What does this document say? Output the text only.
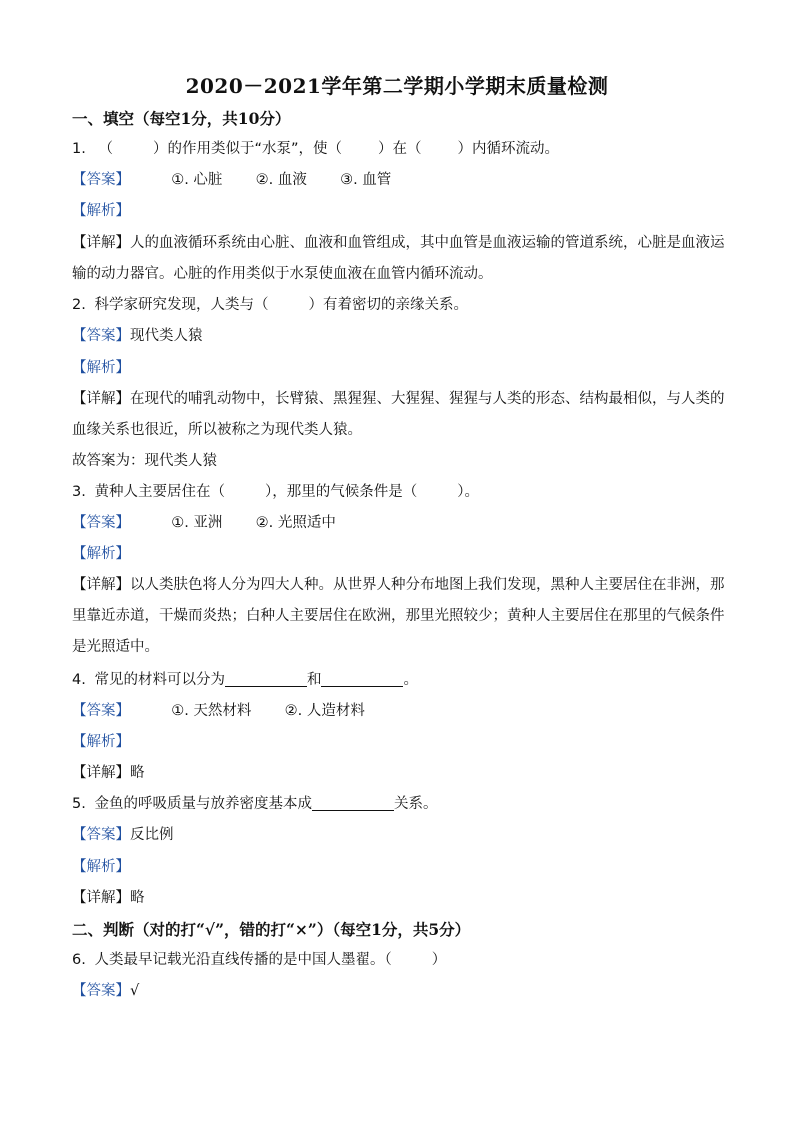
2020－2021学年第二学期小学期末质量检测
一、填空（每空1分，共10分）
1. （	）的作用类似于“水泵”，使（ ）在（ ）内循环流动。
【答案】	①. 心脏 ②. 血液 ③. 血管
【解析】
【详解】人的血液循环系统由心脏、血液和血管组成，其中血管是血液运输的管道系统，心脏是血液运输的动力器官。心脏的作用类似于水泵使血液在血管内循环流动。
2. 科学家研究发现，人类与（	）有着密切的亲缘关系。
【答案】现代类人猿
【解析】
【详解】在现代的哺乳动物中，长臂猿、黑猩猩、大猩猩、猩猩与人类的形态、结构最相似，与人类的血缘关系也很近，所以被称之为现代类人猿。
故答案为：现代类人猿
3. 黄种人主要居住在（	），那里的气候条件是（	）。
【答案】	①. 亚洲 ②. 光照适中
【解析】
【详解】以人类肤色将人分为四大人种。从世界人种分布地图上我们发现，黑种人主要居住在非洲，那里靠近赤道，干燥而炎热；白种人主要居住在欧洲，那里光照较少；黄种人主要居住在那里的气候条件是光照适中。
4. 常见的材料可以分为	和	。
【答案】	①. 天然材料 ②. 人造材料
【解析】
【详解】略
5. 金鱼的呼吸质量与放养密度基本成	关系。
【答案】反比例
【解析】
【详解】略
二、判断（对的打“√”，错的打“×”）（每空1分，共5分）
6. 人类最早记载光沿直线传播的是中国人墨翟。（	）
【答案】√
